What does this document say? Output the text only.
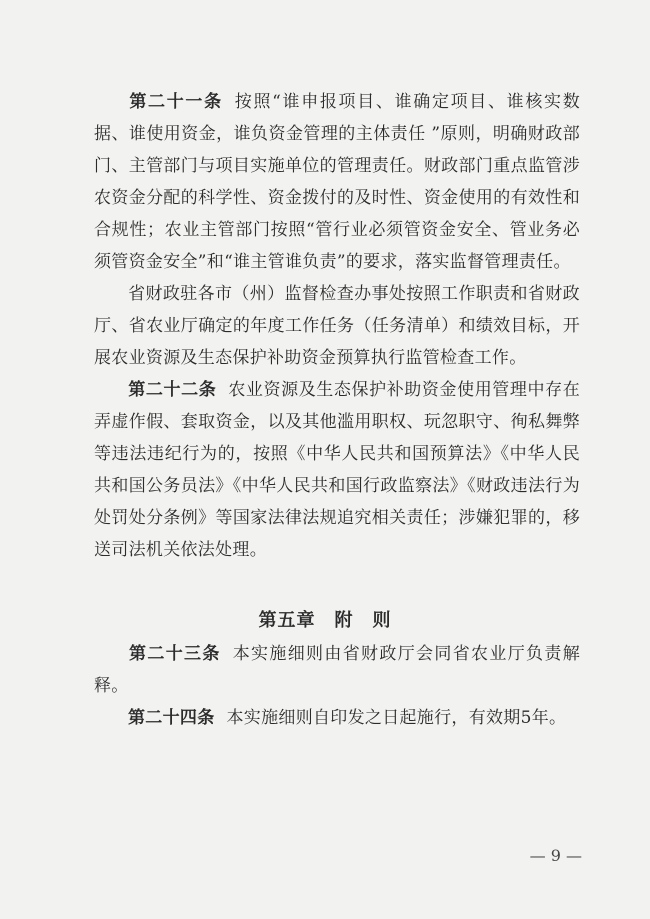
第二十一条 按照“谁申报项目、谁确定项目、谁核实数据、谁使用资金，谁负资金管理的主体责任 ”原则，明确财政部门、主管部门与项目实施单位的管理责任。财政部门重点监管涉农资金分配的科学性、资金拨付的及时性、资金使用的有效性和合规性；农业主管部门按照“管行业必须管资金安全、管业务必须管资金安全”和“谁主管谁负责”的要求，落实监督管理责任。

省财政驻各市（州）监督检查办事处按照工作职责和省财政厅、省农业厅确定的年度工作任务（任务清单）和绩效目标，开展农业资源及生态保护补助资金预算执行监管检查工作。

第二十二条 农业资源及生态保护补助资金使用管理中存在弄虚作假、套取资金，以及其他滥用职权、玩忽职守、徇私舞弊等违法违纪行为的，按照《中华人民共和国预算法》《中华人民共和国公务员法》《中华人民共和国行政监察法》《财政违法行为处罚处分条例》等国家法律法规追究相关责任；涉嫌犯罪的，移送司法机关依法处理。

第五章　附　则

第二十三条 本实施细则由省财政厅会同省农业厅负责解释。

第二十四条 本实施细则自印发之日起施行，有效期5年。

— 9 —
